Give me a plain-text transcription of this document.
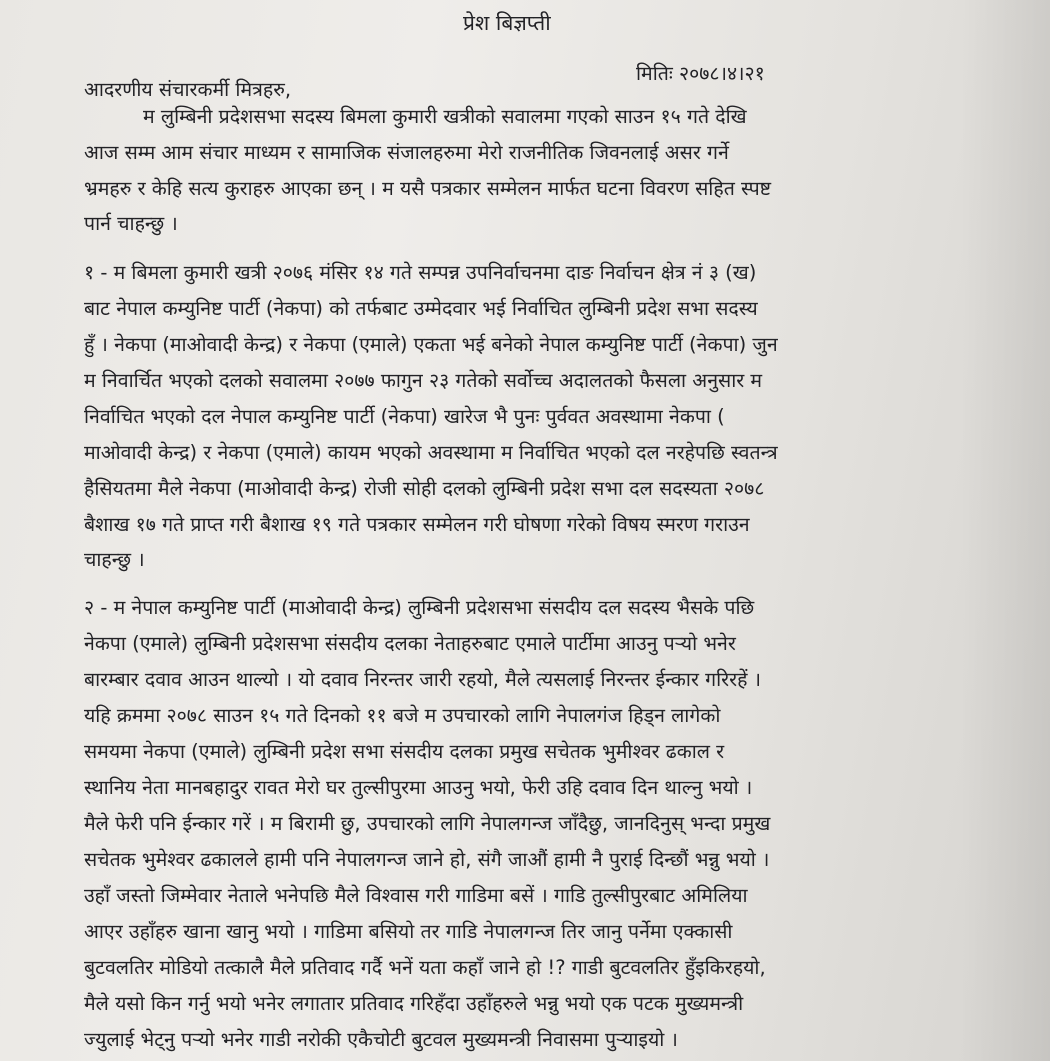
प्रेश बिज्ञप्ती
मितिः २०७८।४।२१
आदरणीय संचारकर्मी मित्रहरु,
म लुम्बिनी प्रदेशसभा सदस्य बिमला कुमारी खत्रीको सवालमा गएको साउन १५ गते देखि
आज सम्म आम संचार माध्यम र सामाजिक संजालहरुमा मेरो राजनीतिक जिवनलाई असर गर्ने
भ्रमहरु र केहि सत्य कुराहरु आएका छन् । म यसै पत्रकार सम्मेलन मार्फत घटना विवरण सहित स्पष्ट
पार्न चाहन्छु ।
१ - म बिमला कुमारी खत्री २०७६ मंसिर १४ गते सम्पन्न उपनिर्वाचनमा दाङ निर्वाचन क्षेत्र नं ३ (ख)
बाट नेपाल कम्युनिष्ट पार्टी (नेकपा) को तर्फबाट उम्मेदवार भई निर्वाचित लुम्बिनी प्रदेश सभा सदस्य
हुँ । नेकपा (माओवादी केन्द्र) र नेकपा (एमाले) एकता भई बनेको नेपाल कम्युनिष्ट पार्टी (नेकपा) जुन
म निवार्चित भएको दलको सवालमा २०७७ फागुन २३ गतेको सर्वोच्च अदालतको फैसला अनुसार म
निर्वाचित भएको दल नेपाल कम्युनिष्ट पार्टी (नेकपा) खारेज भै पुनः पुर्ववत अवस्थामा नेकपा (
माओवादी केन्द्र) र नेकपा (एमाले) कायम भएको अवस्थामा म निर्वाचित भएको दल नरहेपछि स्वतन्त्र
हैसियतमा मैले नेकपा (माओवादी केन्द्र) रोजी सोही दलको लुम्बिनी प्रदेश सभा दल सदस्यता २०७८
बैशाख १७ गते प्राप्त गरी बैशाख १९ गते पत्रकार सम्मेलन गरी घोषणा गरेको विषय स्मरण गराउन
चाहन्छु ।
२ - म नेपाल कम्युनिष्ट पार्टी (माओवादी केन्द्र) लुम्बिनी प्रदेशसभा संसदीय दल सदस्य भैसके पछि
नेकपा (एमाले) लुम्बिनी प्रदेशसभा संसदीय दलका नेताहरुबाट एमाले पार्टीमा आउनु पर्‍यो भनेर
बारम्बार दवाव आउन थाल्यो । यो दवाव निरन्तर जारी रहयो, मैले त्यसलाई निरन्तर ईन्कार गरिरहें ।
यहि क्रममा २०७८ साउन १५ गते दिनको ११ बजे म उपचारको लागि नेपालगंज हिड्न लागेको
समयमा नेकपा (एमाले) लुम्बिनी प्रदेश सभा संसदीय दलका प्रमुख सचेतक भुमीश्वर ढकाल र
स्थानिय नेता मानबहादुर रावत मेरो घर तुल्सीपुरमा आउनु भयो, फेरी उहि दवाव दिन थाल्नु भयो ।
मैले फेरी पनि ईन्कार गरें । म बिरामी छु, उपचारको लागि नेपालगन्ज जाँदैछु, जानदिनुस् भन्दा प्रमुख
सचेतक भुमेश्वर ढकालले हामी पनि नेपालगन्ज जाने हो, संगै जाऔं हामी नै पुराई दिन्छौं भन्नु भयो ।
उहाँ जस्तो जिम्मेवार नेताले भनेपछि मैले विश्वास गरी गाडिमा बसें । गाडि तुल्सीपुरबाट अमिलिया
आएर उहाँहरु खाना खानु भयो । गाडिमा बसियो तर गाडि नेपालगन्ज तिर जानु पर्नेमा एक्कासी
बुटवलतिर मोडियो तत्कालै मैले प्रतिवाद गर्दै भनें यता कहाँ जाने हो !? गाडी बुटवलतिर हुँइकिरहयो,
मैले यसो किन गर्नु भयो भनेर लगातार प्रतिवाद गरिहँदा उहाँहरुले भन्नु भयो एक पटक मुख्यमन्त्री
ज्युलाई भेट्नु पर्‍यो भनेर गाडी नरोकी एकैचोटी बुटवल मुख्यमन्त्री निवासमा पुर्‍याइयो ।
